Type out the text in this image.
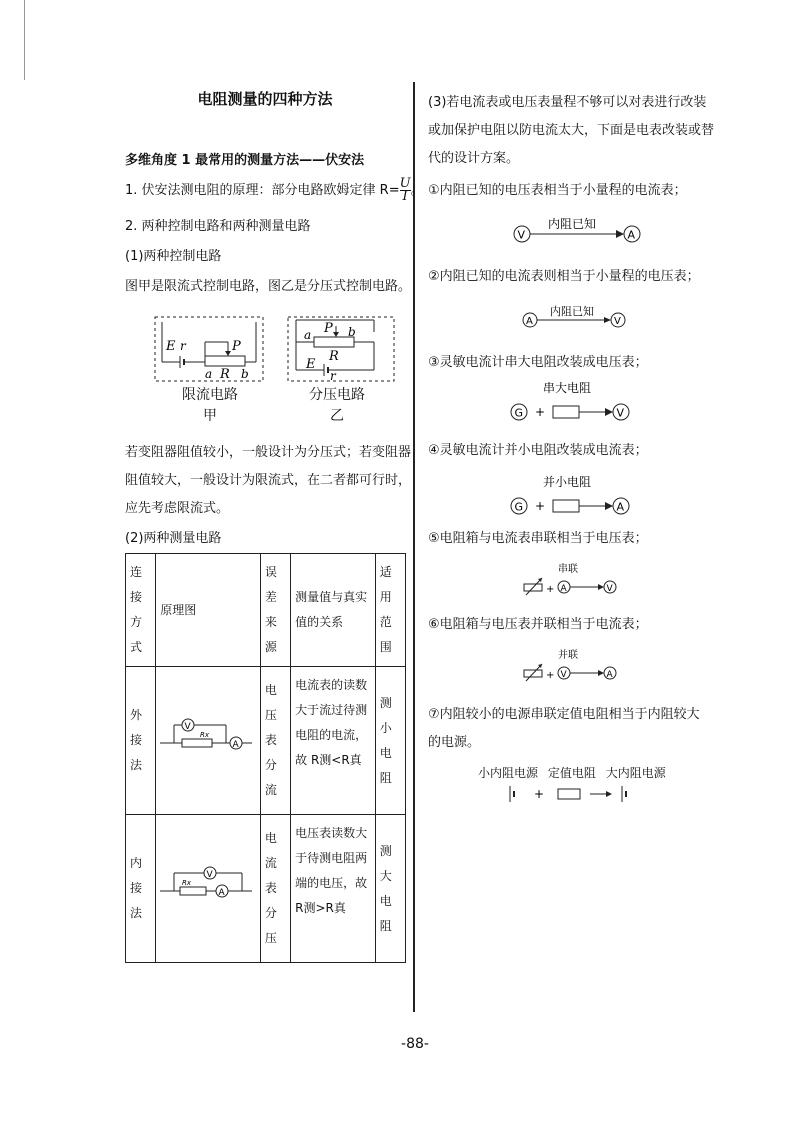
电阻测量的四种方法
多维角度 1 最常用的测量方法——伏安法
1. 伏安法测电阻的原理：部分电路欧姆定律 $R= \frac{U}{I}$ 。
2. 两种控制电路和两种测量电路
(1)两种控制电路
图甲是限流式控制电路，图乙是分压式控制电路。
E r	P
a R b
限流电路
甲
a P b
R
E
r
分压电路
乙
若变阻器阻值较小，一般设计为分压式；若变阻器
阻值较大，一般设计为限流式，在二者都可行时，
应先考虑限流式。
(2)两种测量电路
连接方式	原理图	误差来源	测量值与真实值的关系	适用范围

外接法	V
Rx
A	电压表分流	电流表的读数大于流过待测电阻的电流，故 R测<R真	测小电阻

内接法	V
Rx
A	电流表分压	电压表读数大于待测电阻两端的电压，故 R测>R真	测大电阻
(3)若电流表或电压表量程不够可以对表进行改装
或加保护电阻以防电流太大，下面是电表改装或替
代的设计方案。
①内阻已知的电压表相当于小量程的电流表；
V	A
内阻已知
②内阻已知的电流表则相当于小量程的电压表；
A	V
内阻已知
③灵敏电流计串大电阻改装成电压表；
串大电阻
G +	V
④灵敏电流计并小电阻改装成电流表；
并小电阻
G +	A
⑤电阻箱与电流表串联相当于电压表；
串联
+ A	V
⑥电阻箱与电压表并联相当于电流表；
并联
+ V	A
⑦内阻较小的电源串联定值电阻相当于内阻较大
的电源。
小内阻电源 定值电阻 大内阻电源
+
-88-
